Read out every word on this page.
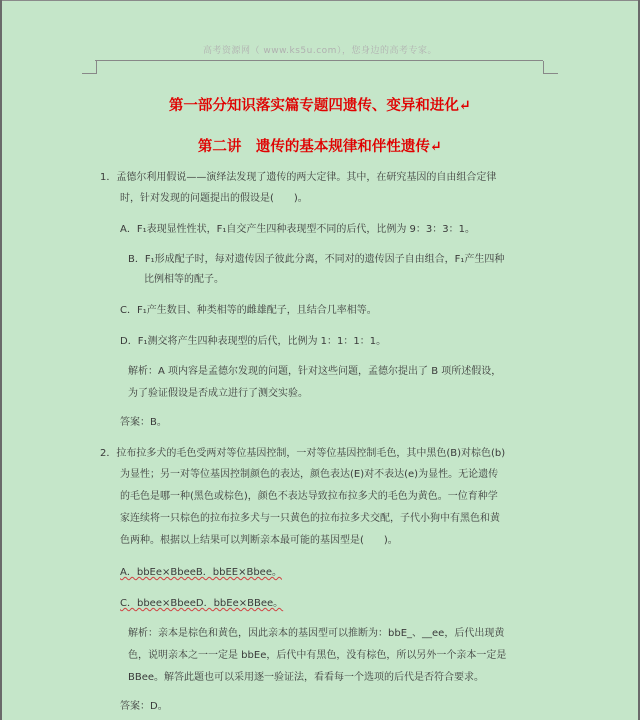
高考资源网（ www.ks5u.com），您身边的高考专家。
第一部分知识落实篇专题四遗传、变异和进化↵
第二讲　遗传的基本规律和伴性遗传↵
1．孟德尔利用假说——演绎法发现了遗传的两大定律。其中，在研究基因的自由组合定律
时，针对发现的问题提出的假设是(　　)。
A．F₁表现显性性状，F₁自交产生四种表现型不同的后代，比例为 9：3：3：1。
B．F₁形成配子时，每对遗传因子彼此分离，不同对的遗传因子自由组合，F₁产生四种
比例相等的配子。
C．F₁产生数目、种类相等的雌雄配子，且结合几率相等。
D．F₁测交将产生四种表现型的后代，比例为 1：1：1：1。
解析：A 项内容是孟德尔发现的问题，针对这些问题，孟德尔提出了 B 项所述假设，
为了验证假设是否成立进行了测交实验。
答案：B。
2．拉布拉多犬的毛色受两对等位基因控制，一对等位基因控制毛色，其中黑色(B)对棕色(b)
为显性；另一对等位基因控制颜色的表达，颜色表达(E)对不表达(e)为显性。无论遗传
的毛色是哪一种(黑色或棕色)，颜色不表达导致拉布拉多犬的毛色为黄色。一位育种学
家连续将一只棕色的拉布拉多犬与一只黄色的拉布拉多犬交配，子代小狗中有黑色和黄
色两种。根据以上结果可以判断亲本最可能的基因型是(　　)。
A．bbEe×BbeeB．bbEE×Bbee。
C．bbee×BbeeD．bbEe×BBee。
解析：亲本是棕色和黄色，因此亲本的基因型可以推断为：bbE_、__ee，后代出现黄
色，说明亲本之一一定是 bbEe，后代中有黑色，没有棕色，所以另外一个亲本一定是
BBee。解答此题也可以采用逐一验证法，看看每一个选项的后代是否符合要求。
答案：D。
